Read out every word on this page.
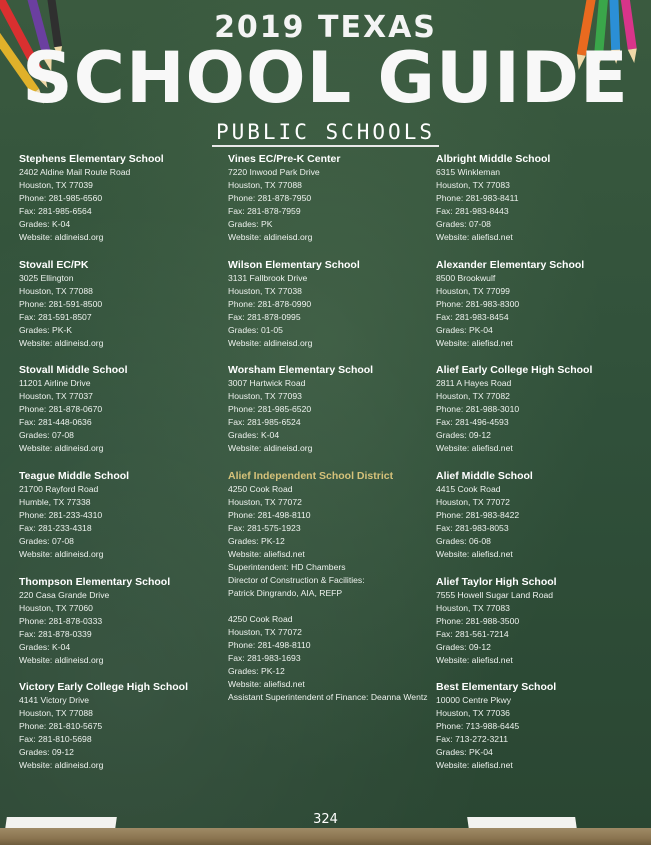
2019 TEXAS
SCHOOL GUIDE
PUBLIC SCHOOLS
Stephens Elementary School
2402 Aldine Mail Route Road
Houston, TX 77039
Phone: 281-985-6560
Fax: 281-985-6564
Grades: K-04
Website: aldineisd.org
Stovall EC/PK
3025 Ellington
Houston, TX 77088
Phone: 281-591-8500
Fax: 281-591-8507
Grades: PK-K
Website: aldineisd.org
Stovall Middle School
11201 Airline Drive
Houston, TX 77037
Phone: 281-878-0670
Fax: 281-448-0636
Grades: 07-08
Website: aldineisd.org
Teague Middle School
21700 Rayford Road
Humble, TX 77338
Phone: 281-233-4310
Fax: 281-233-4318
Grades: 07-08
Website: aldineisd.org
Thompson Elementary School
220 Casa Grande Drive
Houston, TX 77060
Phone: 281-878-0333
Fax: 281-878-0339
Grades: K-04
Website: aldineisd.org
Victory Early College High School
4141 Victory Drive
Houston, TX 77088
Phone: 281-810-5675
Fax: 281-810-5698
Grades: 09-12
Website: aldineisd.org
Vines EC/Pre-K Center
7220 Inwood Park Drive
Houston, TX 77088
Phone: 281-878-7950
Fax: 281-878-7959
Grades: PK
Website: aldineisd.org
Wilson Elementary School
3131 Fallbrook Drive
Houston, TX 77038
Phone: 281-878-0990
Fax: 281-878-0995
Grades: 01-05
Website: aldineisd.org
Worsham Elementary School
3007 Hartwick Road
Houston, TX 77093
Phone: 281-985-6520
Fax: 281-985-6524
Grades: K-04
Website: aldineisd.org
Alief Independent School District
4250 Cook Road
Houston, TX 77072
Phone: 281-498-8110
Fax: 281-575-1923
Grades: PK-12
Website: aliefisd.net
Superintendent: HD Chambers
Director of Construction & Facilities:
Patrick Dingrando, AIA, REFP
4250 Cook Road
Houston, TX 77072
Phone: 281-498-8110
Fax: 281-983-1693
Grades: PK-12
Website: aliefisd.net
Assistant Superintendent of Finance: Deanna Wentz
Albright Middle School
6315 Winkleman
Houston, TX 77083
Phone: 281-983-8411
Fax: 281-983-8443
Grades: 07-08
Website: aliefisd.net
Alexander Elementary School
8500 Brookwulf
Houston, TX 77099
Phone: 281-983-8300
Fax: 281-983-8454
Grades: PK-04
Website: aliefisd.net
Alief Early College High School
2811 A Hayes Road
Houston, TX 77082
Phone: 281-988-3010
Fax: 281-496-4593
Grades: 09-12
Website: aliefisd.net
Alief Middle School
4415 Cook Road
Houston, TX 77072
Phone: 281-983-8422
Fax: 281-983-8053
Grades: 06-08
Website: aliefisd.net
Alief Taylor High School
7555 Howell Sugar Land Road
Houston, TX 77083
Phone: 281-988-3500
Fax: 281-561-7214
Grades: 09-12
Website: aliefisd.net
Best Elementary School
10000 Centre Pkwy
Houston, TX 77036
Phone: 713-988-6445
Fax: 713-272-3211
Grades: PK-04
Website: aliefisd.net
324
